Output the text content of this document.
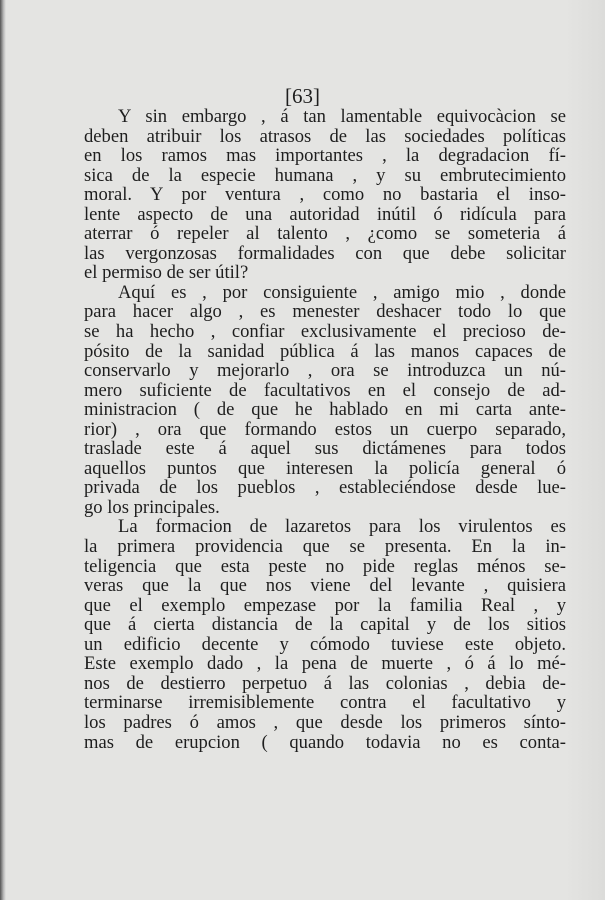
[63]
Y sin embargo , á tan lamentable equivocàcion se
deben atribuir los atrasos de las sociedades políticas
en los ramos mas importantes , la degradacion fí-
sica de la especie humana , y su embrutecimiento
moral. Y por ventura , como no bastaria el inso-
lente aspecto de una autoridad inútil ó ridícula para
aterrar ó repeler al talento , ¿como se someteria á
las vergonzosas formalidades con que debe solicitar
el permiso de ser útil?
Aquí es , por consiguiente , amigo mio , donde
para hacer algo , es menester deshacer todo lo que
se ha hecho , confiar exclusivamente el precioso de-
pósito de la sanidad pública á las manos capaces de
conservarlo y mejorarlo , ora se introduzca un nú-
mero suficiente de facultativos en el consejo de ad-
ministracion ( de que he hablado en mi carta ante-
rior) , ora que formando estos un cuerpo separado,
traslade este á aquel sus dictámenes para todos
aquellos puntos que interesen la policía general ó
privada de los pueblos , estableciéndose desde lue-
go los principales.
La formacion de lazaretos para los virulentos es
la primera providencia que se presenta. En la in-
teligencia que esta peste no pide reglas ménos se-
veras que la que nos viene del levante , quisiera
que el exemplo empezase por la familia Real , y
que á cierta distancia de la capital y de los sitios
un edificio decente y cómodo tuviese este objeto.
Este exemplo dado , la pena de muerte , ó á lo mé-
nos de destierro perpetuo á las colonias , debia de-
terminarse irremisiblemente contra el facultativo y
los padres ó amos , que desde los primeros sínto-
mas de erupcion ( quando todavia no es conta-
